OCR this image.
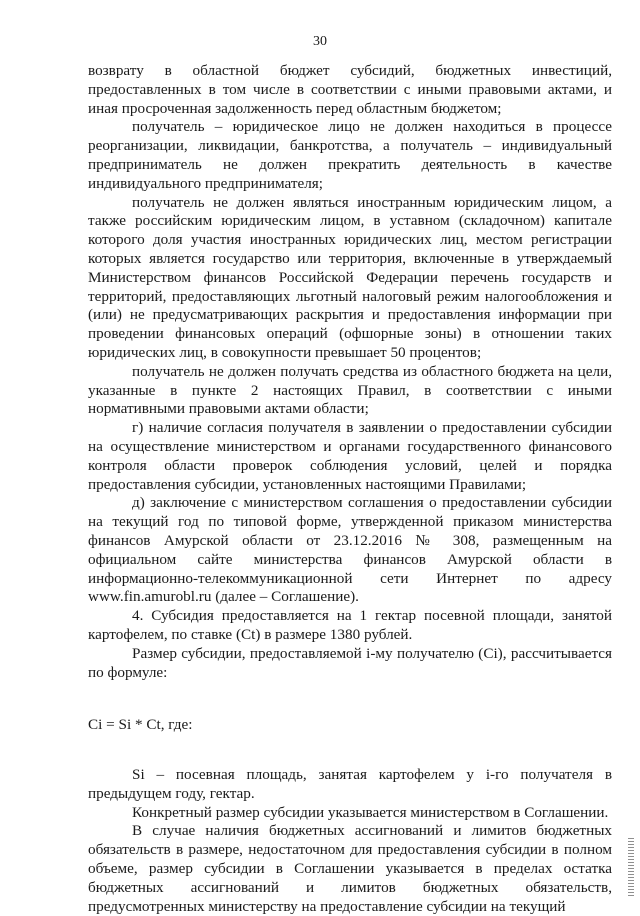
30

возврату в областной бюджет субсидий, бюджетных инвестиций, предоставленных в том числе в соответствии с иными правовыми актами, и иная просроченная задолженность перед областным бюджетом;

получатель – юридическое лицо не должен находиться в процессе реорганизации, ликвидации, банкротства, а получатель – индивидуальный предприниматель не должен прекратить деятельность в качестве индивидуального предпринимателя;

получатель не должен являться иностранным юридическим лицом, а также российским юридическим лицом, в уставном (складочном) капитале которого доля участия иностранных юридических лиц, местом регистрации которых является государство или территория, включенные в утверждаемый Министерством финансов Российской Федерации перечень государств и территорий, предоставляющих льготный налоговый режим налогообложения и (или) не предусматривающих раскрытия и предоставления информации при проведении финансовых операций (офшорные зоны) в отношении таких юридических лиц, в совокупности превышает 50 процентов;

получатель не должен получать средства из областного бюджета на цели, указанные в пункте 2 настоящих Правил, в соответствии с иными нормативными правовыми актами области;

г) наличие согласия получателя в заявлении о предоставлении субсидии на осуществление министерством и органами государственного финансового контроля области проверок соблюдения условий, целей и порядка предоставления субсидии, установленных настоящими Правилами;

д) заключение с министерством соглашения о предоставлении субсидии на текущий год по типовой форме, утвержденной приказом министерства финансов Амурской области от 23.12.2016 № 308, размещенным на официальном сайте министерства финансов Амурской области в информационно-телекоммуникационной сети Интернет по адресу www.fin.amurobl.ru (далее – Соглашение).

4. Субсидия предоставляется на 1 гектар посевной площади, занятой картофелем, по ставке (Ct) в размере 1380 рублей.

Размер субсидии, предоставляемой i-му получателю (Ci), рассчитывается по формуле:

Ci = Si * Ct, где:

Si – посевная площадь, занятая картофелем у i-го получателя в предыдущем году, гектар.

Конкретный размер субсидии указывается министерством в Соглашении.

В случае наличия бюджетных ассигнований и лимитов бюджетных обязательств в размере, недостаточном для предоставления субсидии в полном объеме, размер субсидии в Соглашении указывается в пределах остатка бюджетных ассигнований и лимитов бюджетных обязательств, предусмотренных министерству на предоставление субсидии на текущий
